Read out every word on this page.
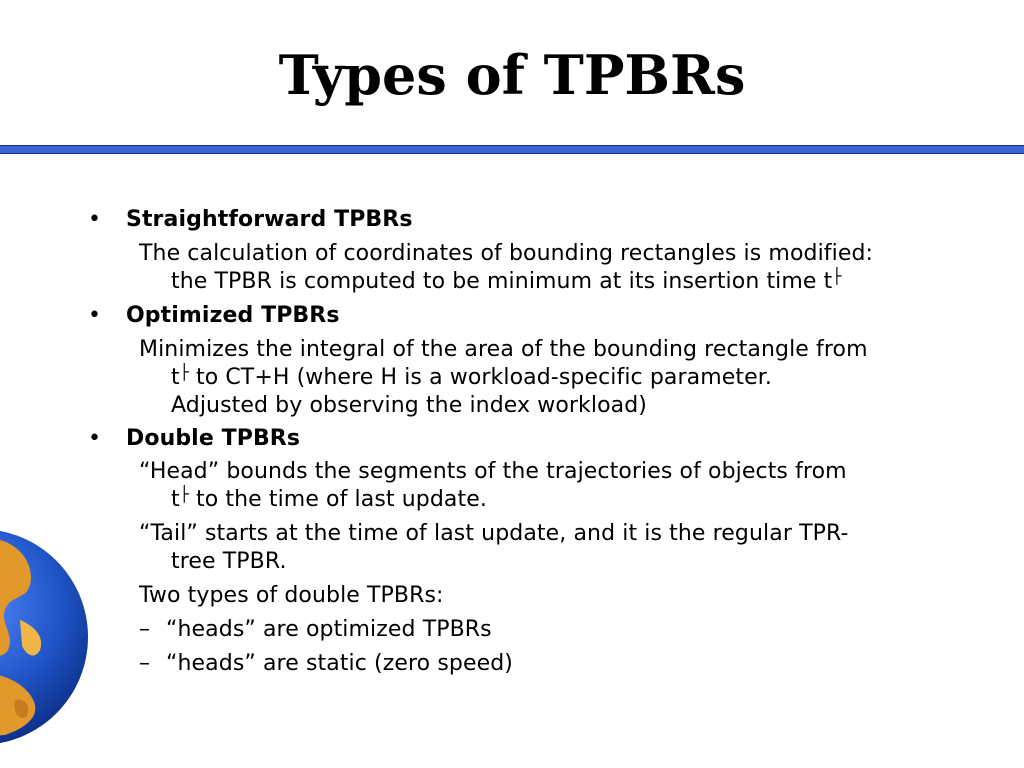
Types of TPBRs
• Straightforward TPBRs
The calculation of coordinates of bounding rectangles is modified:
the TPBR is computed to be minimum at its insertion time t├
• Optimized TPBRs
Minimizes the integral of the area of the bounding rectangle from
t├ to CT+H (where H is a workload-specific parameter.
Adjusted by observing the index workload)
• Double TPBRs
“Head” bounds the segments of the trajectories of objects from
t├ to the time of last update.
“Tail” starts at the time of last update, and it is the regular TPR-
tree TPBR.
Two types of double TPBRs:
– “heads” are optimized TPBRs
– “heads” are static (zero speed)
